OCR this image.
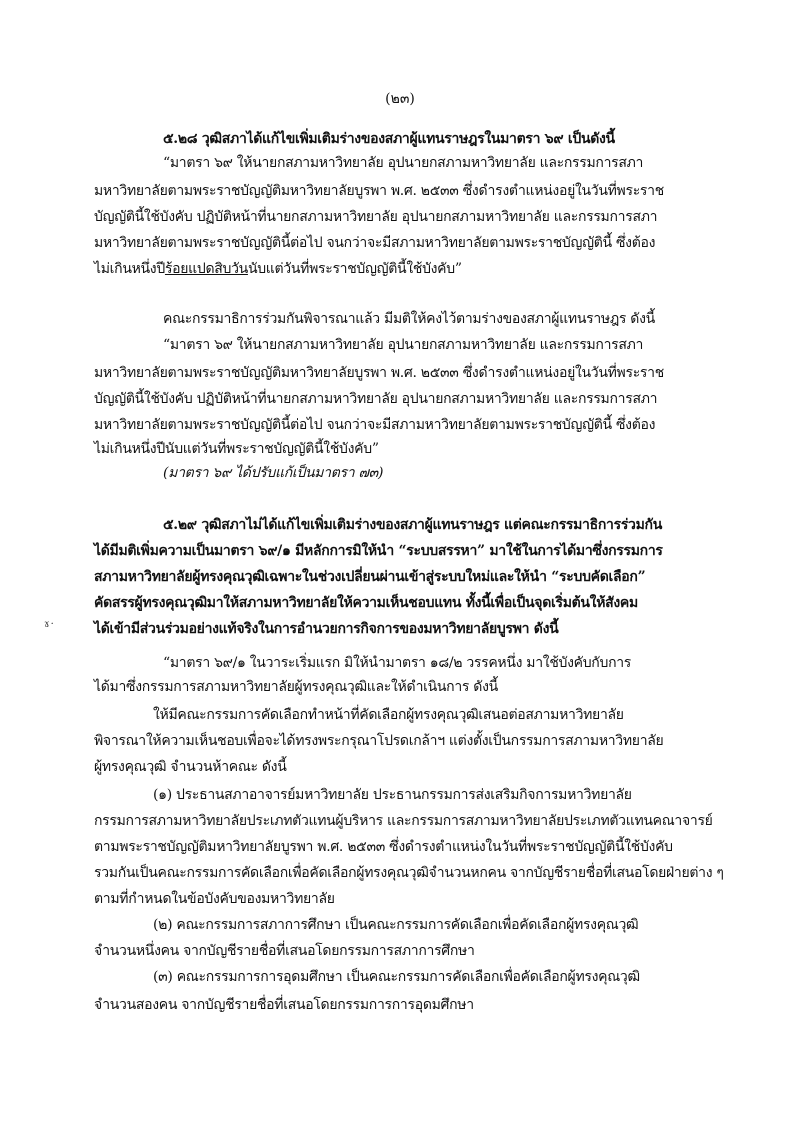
(๒๓)
๕.๒๘ วุฒิสภาได้แก้ไขเพิ่มเติมร่างของสภาผู้แทนราษฎรในมาตรา ๖๙ เป็นดังนี้
“มาตรา ๖๙ ให้นายกสภามหาวิทยาลัย อุปนายกสภามหาวิทยาลัย และกรรมการสภา
มหาวิทยาลัยตามพระราชบัญญัติมหาวิทยาลัยบูรพา พ.ศ. ๒๕๓๓ ซึ่งดำรงตำแหน่งอยู่ในวันที่พระราช
บัญญัตินี้ใช้บังคับ ปฏิบัติหน้าที่นายกสภามหาวิทยาลัย อุปนายกสภามหาวิทยาลัย และกรรมการสภา
มหาวิทยาลัยตามพระราชบัญญัตินี้ต่อไป จนกว่าจะมีสภามหาวิทยาลัยตามพระราชบัญญัตินี้ ซึ่งต้อง
ไม่เกินหนึ่งปีร้อยแปดสิบวันนับแต่วันที่พระราชบัญญัตินี้ใช้บังคับ”
คณะกรรมาธิการร่วมกันพิจารณาแล้ว มีมติให้คงไว้ตามร่างของสภาผู้แทนราษฎร ดังนี้
“มาตรา ๖๙ ให้นายกสภามหาวิทยาลัย อุปนายกสภามหาวิทยาลัย และกรรมการสภา
มหาวิทยาลัยตามพระราชบัญญัติมหาวิทยาลัยบูรพา พ.ศ. ๒๕๓๓ ซึ่งดำรงตำแหน่งอยู่ในวันที่พระราช
บัญญัตินี้ใช้บังคับ ปฏิบัติหน้าที่นายกสภามหาวิทยาลัย อุปนายกสภามหาวิทยาลัย และกรรมการสภา
มหาวิทยาลัยตามพระราชบัญญัตินี้ต่อไป จนกว่าจะมีสภามหาวิทยาลัยตามพระราชบัญญัตินี้ ซึ่งต้อง
ไม่เกินหนึ่งปีนับแต่วันที่พระราชบัญญัตินี้ใช้บังคับ”
(มาตรา ๖๙ ได้ปรับแก้เป็นมาตรา ๗๓)
๕.๒๙ วุฒิสภาไม่ได้แก้ไขเพิ่มเติมร่างของสภาผู้แทนราษฎร แต่คณะกรรมาธิการร่วมกัน
ได้มีมติเพิ่มความเป็นมาตรา ๖๙/๑ มีหลักการมิให้นำ “ระบบสรรหา” มาใช้ในการได้มาซึ่งกรรมการ
สภามหาวิทยาลัยผู้ทรงคุณวุฒิเฉพาะในช่วงเปลี่ยนผ่านเข้าสู่ระบบใหม่และให้นำ “ระบบคัดเลือก”
คัดสรรผู้ทรงคุณวุฒิมาให้สภามหาวิทยาลัยให้ความเห็นชอบแทน ทั้งนี้เพื่อเป็นจุดเริ่มต้นให้สังคม
ได้เข้ามีส่วนร่วมอย่างแท้จริงในการอำนวยการกิจการของมหาวิทยาลัยบูรพา ดังนี้
ɤ·
“มาตรา ๖๙/๑ ในวาระเริ่มแรก มิให้นำมาตรา ๑๘/๒ วรรคหนึ่ง มาใช้บังคับกับการ
ได้มาซึ่งกรรมการสภามหาวิทยาลัยผู้ทรงคุณวุฒิและให้ดำเนินการ ดังนี้
ให้มีคณะกรรมการคัดเลือกทำหน้าที่คัดเลือกผู้ทรงคุณวุฒิเสนอต่อสภามหาวิทยาลัย
พิจารณาให้ความเห็นชอบเพื่อจะได้ทรงพระกรุณาโปรดเกล้าฯ แต่งตั้งเป็นกรรมการสภามหาวิทยาลัย
ผู้ทรงคุณวุฒิ จำนวนห้าคณะ ดังนี้
(๑) ประธานสภาอาจารย์มหาวิทยาลัย ประธานกรรมการส่งเสริมกิจการมหาวิทยาลัย
กรรมการสภามหาวิทยาลัยประเภทตัวแทนผู้บริหาร และกรรมการสภามหาวิทยาลัยประเภทตัวแทนคณาจารย์
ตามพระราชบัญญัติมหาวิทยาลัยบูรพา พ.ศ. ๒๕๓๓ ซึ่งดำรงตำแหน่งในวันที่พระราชบัญญัตินี้ใช้บังคับ
รวมกันเป็นคณะกรรมการคัดเลือกเพื่อคัดเลือกผู้ทรงคุณวุฒิจำนวนหกคน จากบัญชีรายชื่อที่เสนอโดยฝ่ายต่าง ๆ
ตามที่กำหนดในข้อบังคับของมหาวิทยาลัย
(๒) คณะกรรมการสภาการศึกษา เป็นคณะกรรมการคัดเลือกเพื่อคัดเลือกผู้ทรงคุณวุฒิ
จำนวนหนึ่งคน จากบัญชีรายชื่อที่เสนอโดยกรรมการสภาการศึกษา
(๓) คณะกรรมการการอุดมศึกษา เป็นคณะกรรมการคัดเลือกเพื่อคัดเลือกผู้ทรงคุณวุฒิ
จำนวนสองคน จากบัญชีรายชื่อที่เสนอโดยกรรมการการอุดมศึกษา
